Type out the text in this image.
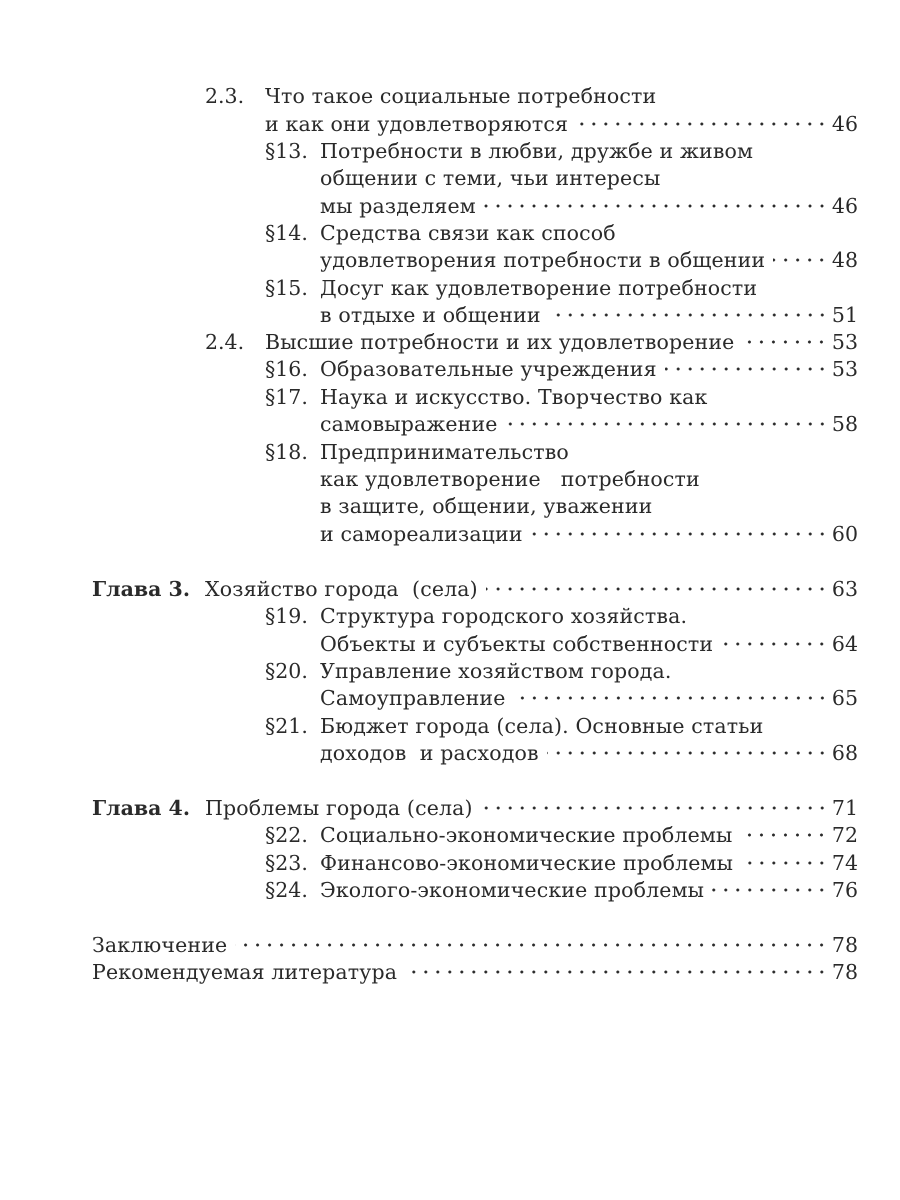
2.3.	Что такое социальные потребности
и как они удовлетворяются	46
§13. Потребности в любви, дружбе и живом
общении с теми, чьи интересы
мы разделяем	46
§14. Средства связи как способ
удовлетворения потребности в общении	48
§15. Досуг как удовлетворение потребности
в отдыхе и общении	51
2.4.	Высшие потребности и их удовлетворение	53
§16. Образовательные учреждения	53
§17. Наука и искусство. Творчество как
самовыражение	58
§18. Предпринимательство
как удовлетворение   потребности
в защите, общении, уважении
и самореализации	60
Глава 3. Хозяйство города  (села)	63
§19. Структура городского хозяйства.
Объекты и субъекты собственности	64
§20. Управление хозяйством города.
Самоуправление	65
§21. Бюджет города (села). Основные статьи
доходов  и расходов	68
Глава 4. Проблемы города (села)	71
§22. Социально-экономические проблемы	72
§23. Финансово-экономические проблемы	74
§24. Эколого-экономические проблемы	76
Заключение	78
Рекомендуемая литература	78
